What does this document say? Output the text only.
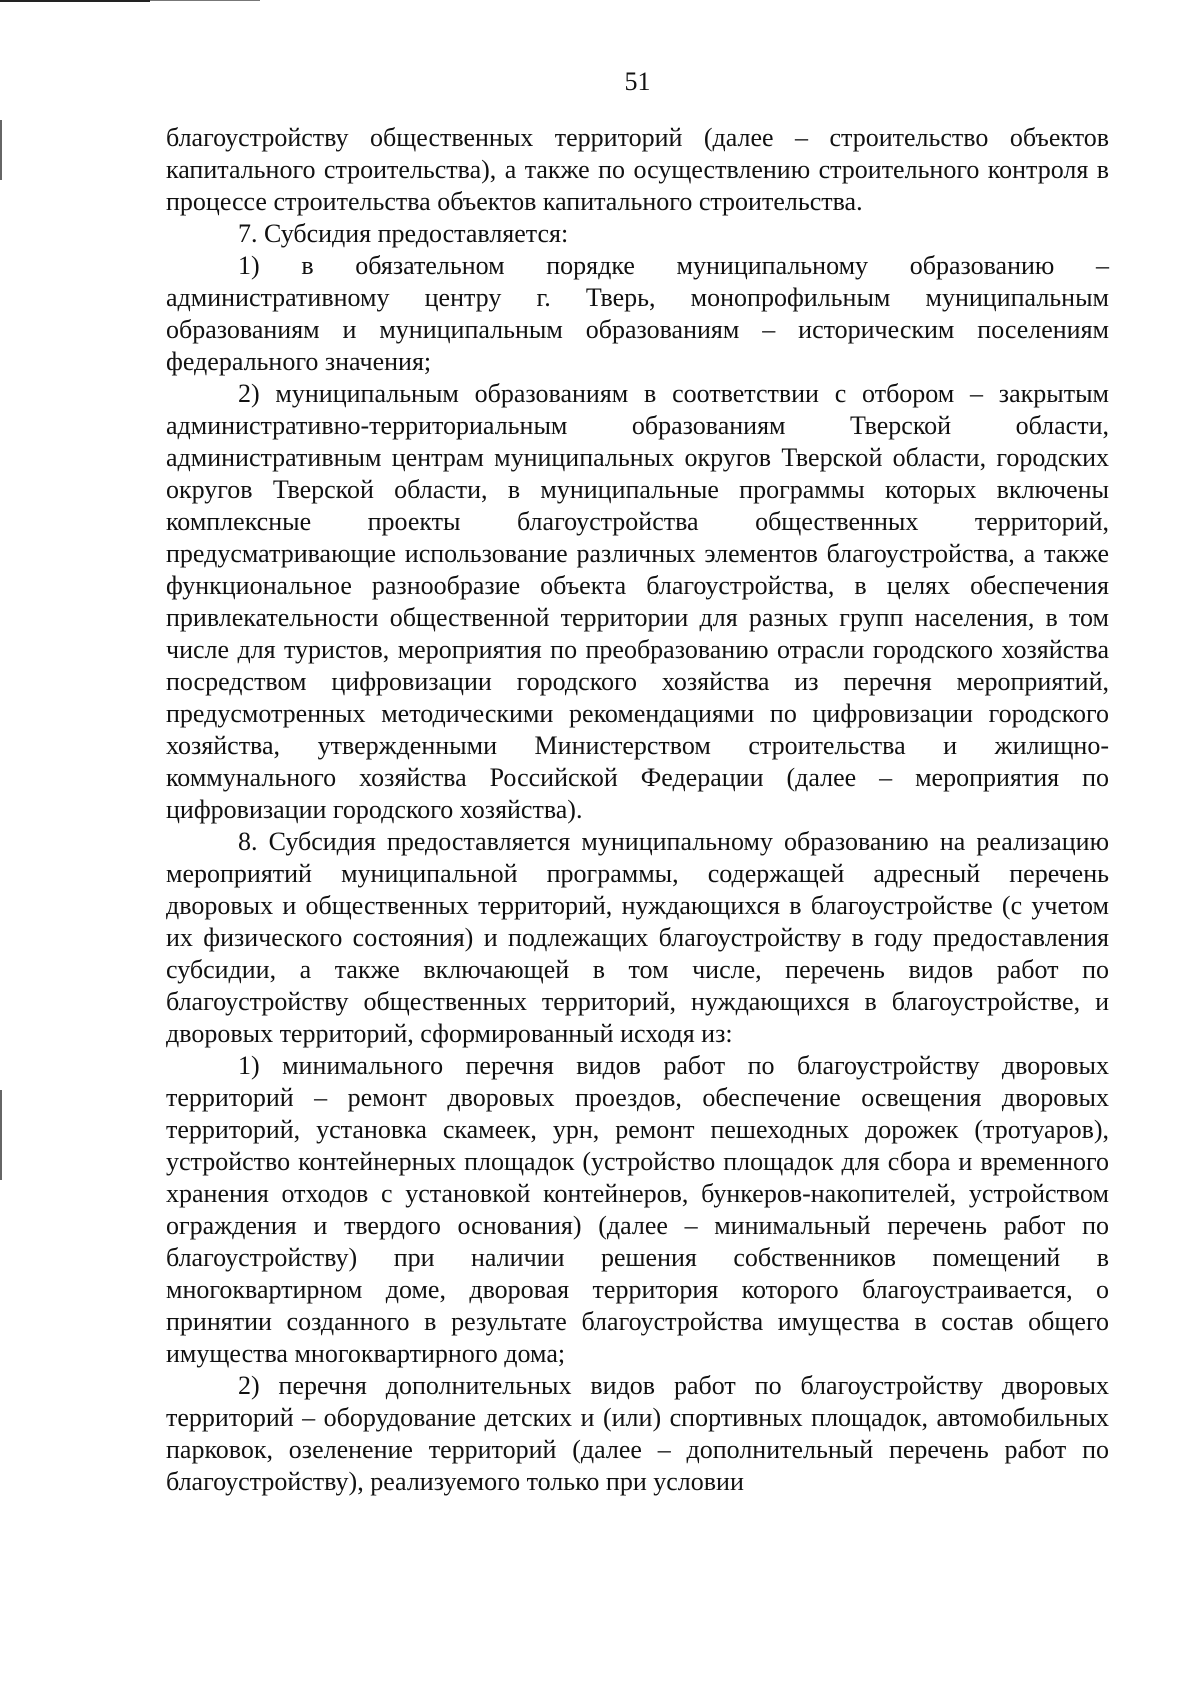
51

благоустройству общественных территорий (далее – строительство объектов капитального строительства), а также по осуществлению строительного контроля в процессе строительства объектов капитального строительства.

7. Субсидия предоставляется:

1) в обязательном порядке муниципальному образованию – административному центру г. Тверь, монопрофильным муниципальным образованиям и муниципальным образованиям – историческим поселениям федерального значения;

2) муниципальным образованиям в соответствии с отбором – закрытым административно-территориальным образованиям Тверской области, административным центрам муниципальных округов Тверской области, городских округов Тверской области, в муниципальные программы которых включены комплексные проекты благоустройства общественных территорий, предусматривающие использование различных элементов благоустройства, а также функциональное разнообразие объекта благоустройства, в целях обеспечения привлекательности общественной территории для разных групп населения, в том числе для туристов, мероприятия по преобразованию отрасли городского хозяйства посредством цифровизации городского хозяйства из перечня мероприятий, предусмотренных методическими рекомендациями по цифровизации городского хозяйства, утвержденными Министерством строительства и жилищно-коммунального хозяйства Российской Федерации (далее – мероприятия по цифровизации городского хозяйства).

8. Субсидия предоставляется муниципальному образованию на реализацию мероприятий муниципальной программы, содержащей адресный перечень дворовых и общественных территорий, нуждающихся в благоустройстве (с учетом их физического состояния) и подлежащих благоустройству в году предоставления субсидии, а также включающей в том числе, перечень видов работ по благоустройству общественных территорий, нуждающихся в благоустройстве, и дворовых территорий, сформированный исходя из:

1) минимального перечня видов работ по благоустройству дворовых территорий – ремонт дворовых проездов, обеспечение освещения дворовых территорий, установка скамеек, урн, ремонт пешеходных дорожек (тротуаров), устройство контейнерных площадок (устройство площадок для сбора и временного хранения отходов с установкой контейнеров, бункеров-накопителей, устройством ограждения и твердого основания) (далее – минимальный перечень работ по благоустройству) при наличии решения собственников помещений в многоквартирном доме, дворовая территория которого благоустраивается, о принятии созданного в результате благоустройства имущества в состав общего имущества многоквартирного дома;

2) перечня дополнительных видов работ по благоустройству дворовых территорий – оборудование детских и (или) спортивных площадок, автомобильных парковок, озеленение территорий (далее – дополнительный перечень работ по благоустройству), реализуемого только при условии
